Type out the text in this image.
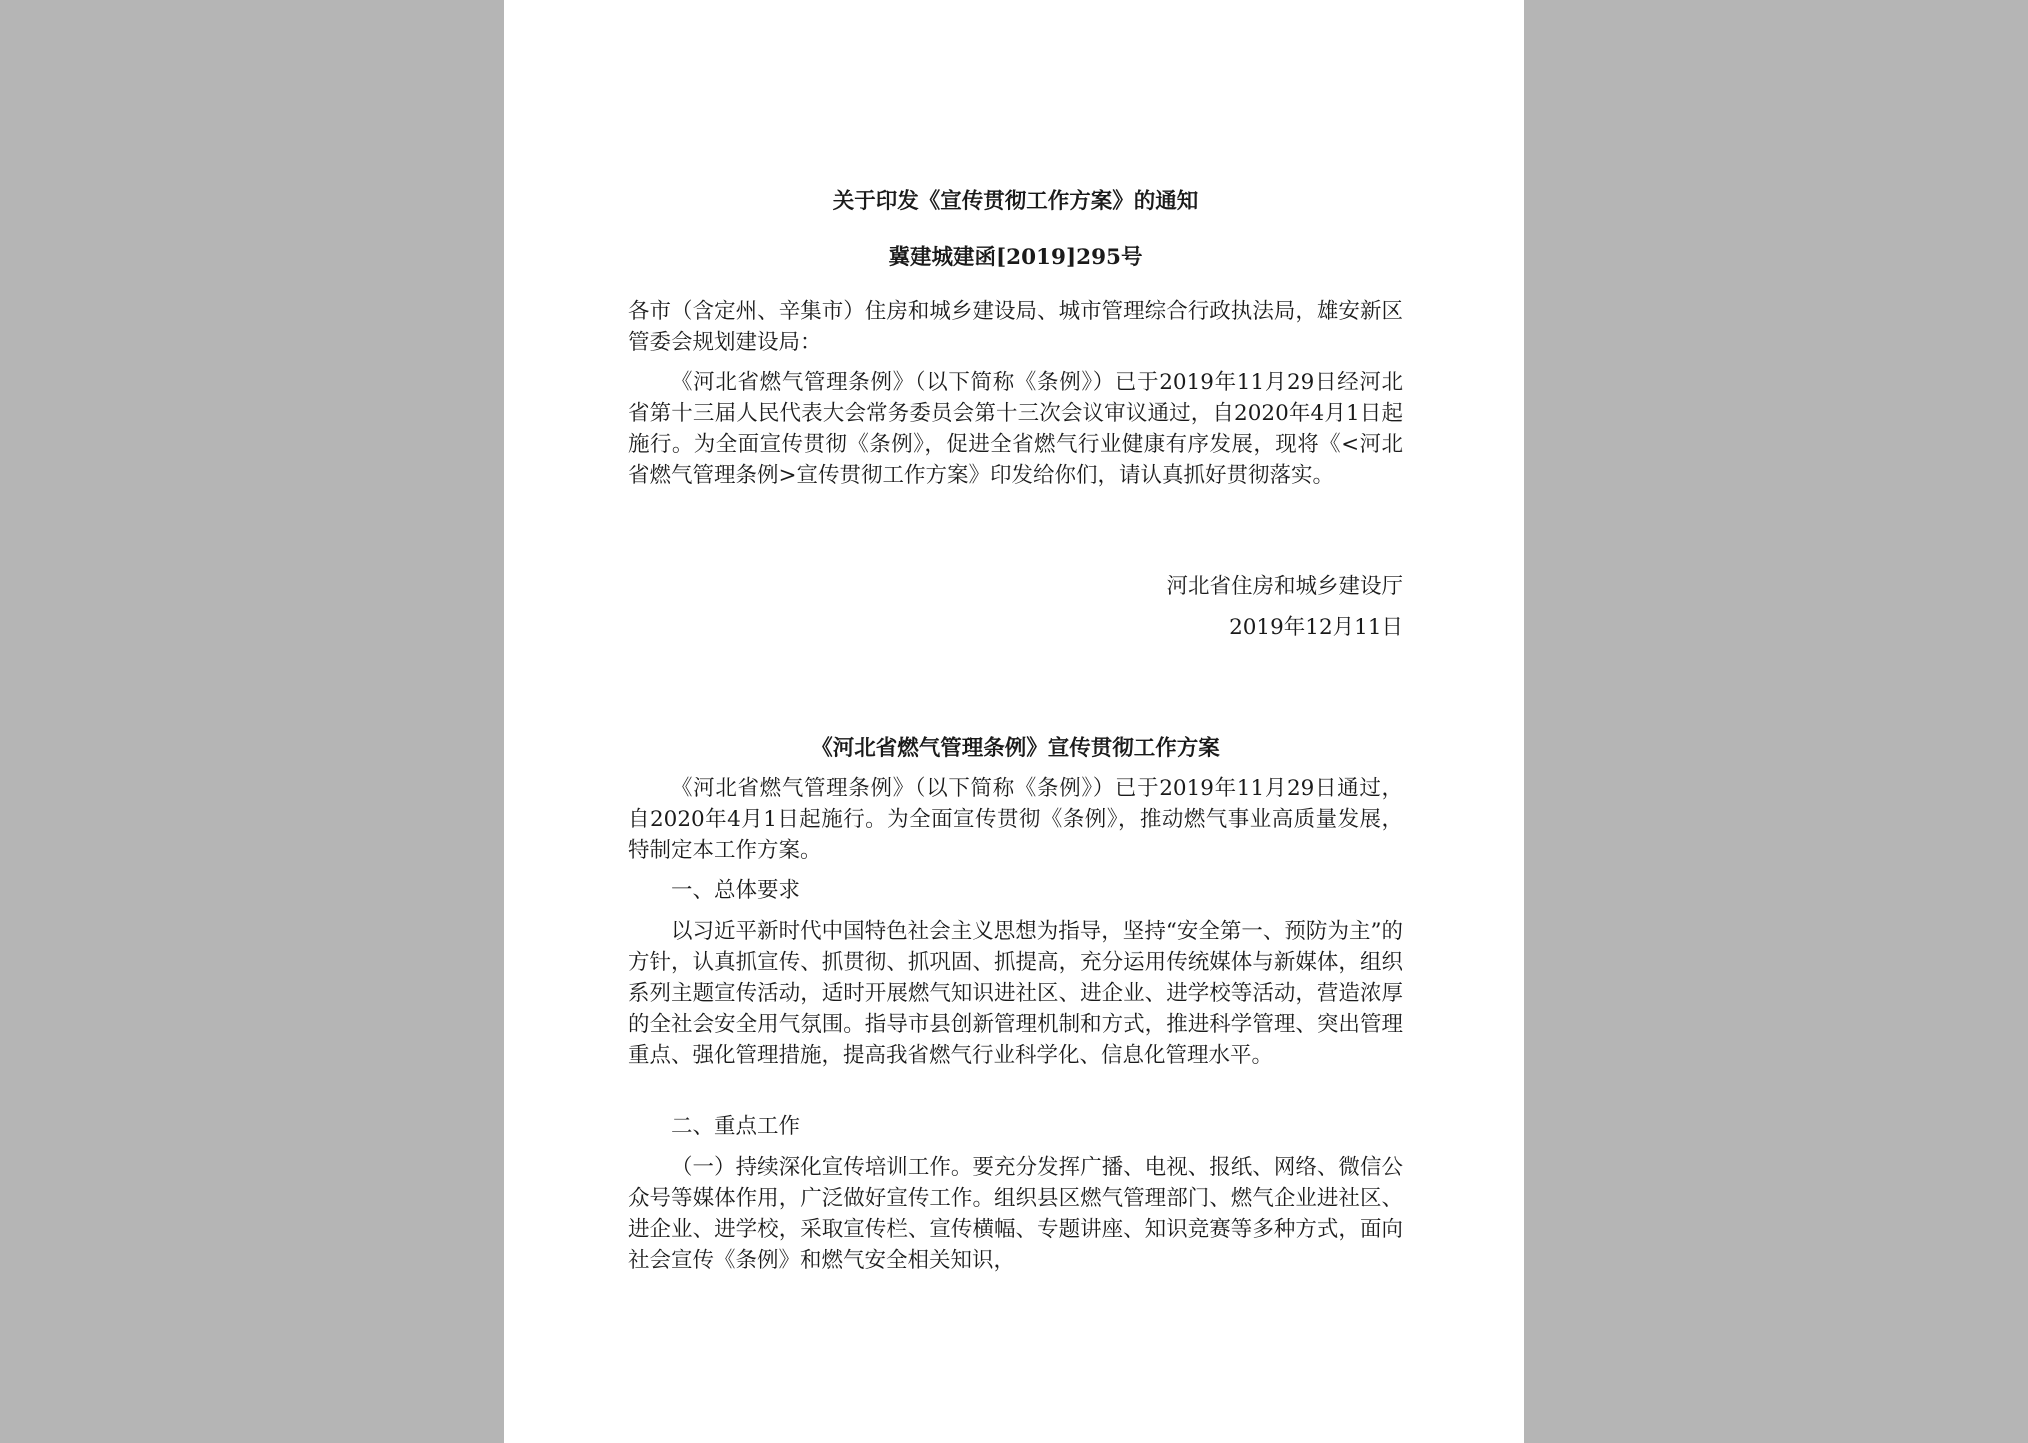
关于印发《宣传贯彻工作方案》的通知

冀建城建函[2019]295号

各市（含定州、辛集市）住房和城乡建设局、城市管理综合行政执法局，雄安新区管委会规划建设局：

《河北省燃气管理条例》（以下简称《条例》）已于2019年11月29日经河北省第十三届人民代表大会常务委员会第十三次会议审议通过，自2020年4月1日起施行。为全面宣传贯彻《条例》，促进全省燃气行业健康有序发展，现将《<河北省燃气管理条例>宣传贯彻工作方案》印发给你们，请认真抓好贯彻落实。

河北省住房和城乡建设厅

2019年12月11日

《河北省燃气管理条例》宣传贯彻工作方案

《河北省燃气管理条例》（以下简称《条例》）已于2019年11月29日通过，自2020年4月1日起施行。为全面宣传贯彻《条例》，推动燃气事业高质量发展，特制定本工作方案。

一、总体要求

以习近平新时代中国特色社会主义思想为指导，坚持“安全第一、预防为主”的方针，认真抓宣传、抓贯彻、抓巩固、抓提高，充分运用传统媒体与新媒体，组织系列主题宣传活动，适时开展燃气知识进社区、进企业、进学校等活动，营造浓厚的全社会安全用气氛围。指导市县创新管理机制和方式，推进科学管理、突出管理重点、强化管理措施，提高我省燃气行业科学化、信息化管理水平。

二、重点工作

（一）持续深化宣传培训工作。要充分发挥广播、电视、报纸、网络、微信公众号等媒体作用，广泛做好宣传工作。组织县区燃气管理部门、燃气企业进社区、进企业、进学校，采取宣传栏、宣传横幅、专题讲座、知识竞赛等多种方式，面向社会宣传《条例》和燃气安全相关知识，
